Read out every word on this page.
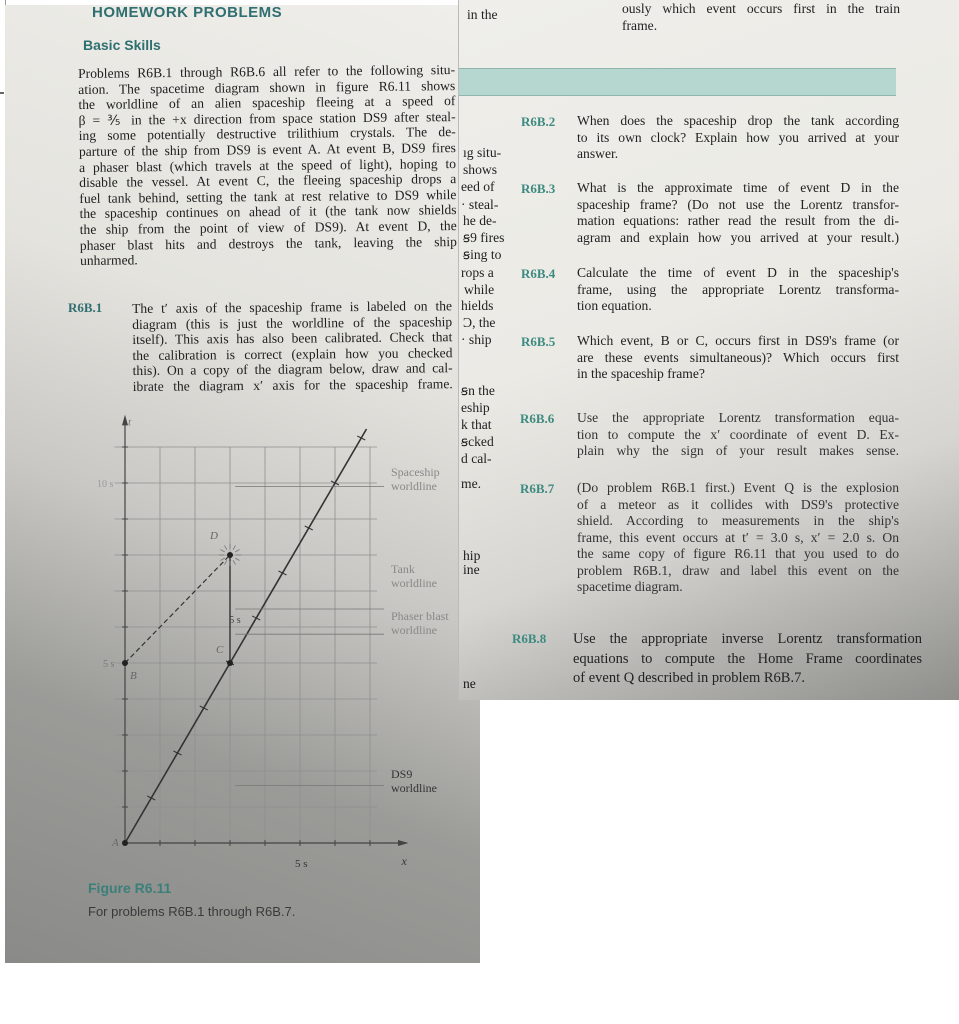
HOMEWORK PROBLEMS
Basic Skills
Problems R6B.1 through R6B.6 all refer to the following situ-
ation. The spacetime diagram shown in figure R6.11 shows
the worldline of an alien spaceship fleeing at a speed of
β = ⅗ in the +x direction from space station DS9 after steal-
ing some potentially destructive trilithium crystals. The de-
parture of the ship from DS9 is event A. At event B, DS9 fires
a phaser blast (which travels at the speed of light), hoping to
disable the vessel. At event C, the fleeing spaceship drops a
fuel tank behind, setting the tank at rest relative to DS9 while
the spaceship continues on ahead of it (the tank now shields
the ship from the point of view of DS9). At event D, the
phaser blast hits and destroys the tank, leaving the ship
unharmed.
R6B.1 The t′ axis of the spaceship frame is labeled on the
diagram (this is just the worldline of the spaceship
itself). This axis has also been calibrated. Check that
the calibration is correct (explain how you checked
this). On a copy of the diagram below, draw and cal-
ibrate the diagram x′ axis for the spaceship frame.
t
x
5 s
5 s
10 s
5 s
A
B
C
D
Spaceship
worldline
Tank
worldline
Phaser blast
worldline
DS9
worldline
Figure R6.11
For problems R6B.1 through R6B.7.
ously which event occurs first in the train
frame.
R6B.2 When does the spaceship drop the tank according
to its own clock? Explain how you arrived at your
answer.
R6B.3 What is the approximate time of event D in the
spaceship frame? (Do not use the Lorentz transfor-
mation equations: rather read the result from the di-
agram and explain how you arrived at your result.)
R6B.4 Calculate the time of event D in the spaceship's
frame, using the appropriate Lorentz transforma-
tion equation.
R6B.5 Which event, B or C, occurs first in DS9's frame (or
are these events simultaneous)? Which occurs first
in the spaceship frame?
R6B.6 Use the appropriate Lorentz transformation equa-
tion to compute the x′ coordinate of event D. Ex-
plain why the sign of your result makes sense.
R6B.7 (Do problem R6B.1 first.) Event Q is the explosion
of a meteor as it collides with DS9's protective
shield. According to measurements in the ship's
frame, this event occurs at t′ = 3.0 s, x′ = 2.0 s. On
the same copy of figure R6.11 that you used to do
problem R6B.1, draw and label this event on the
spacetime diagram.
R6B.8 Use the appropriate inverse Lorentz transformation
equations to compute the Home Frame coordinates
of event Q described in problem R6B.7.
in the
ıg situ-
shows
eed of
· steal-
he de-
ꞩ9 fires
ꞩing to
rops a
while
hields
Ͻ, the
· ship
ꞩn the
eship
k that
ꞩcked
d cal-
me.
hip
ine
ne
